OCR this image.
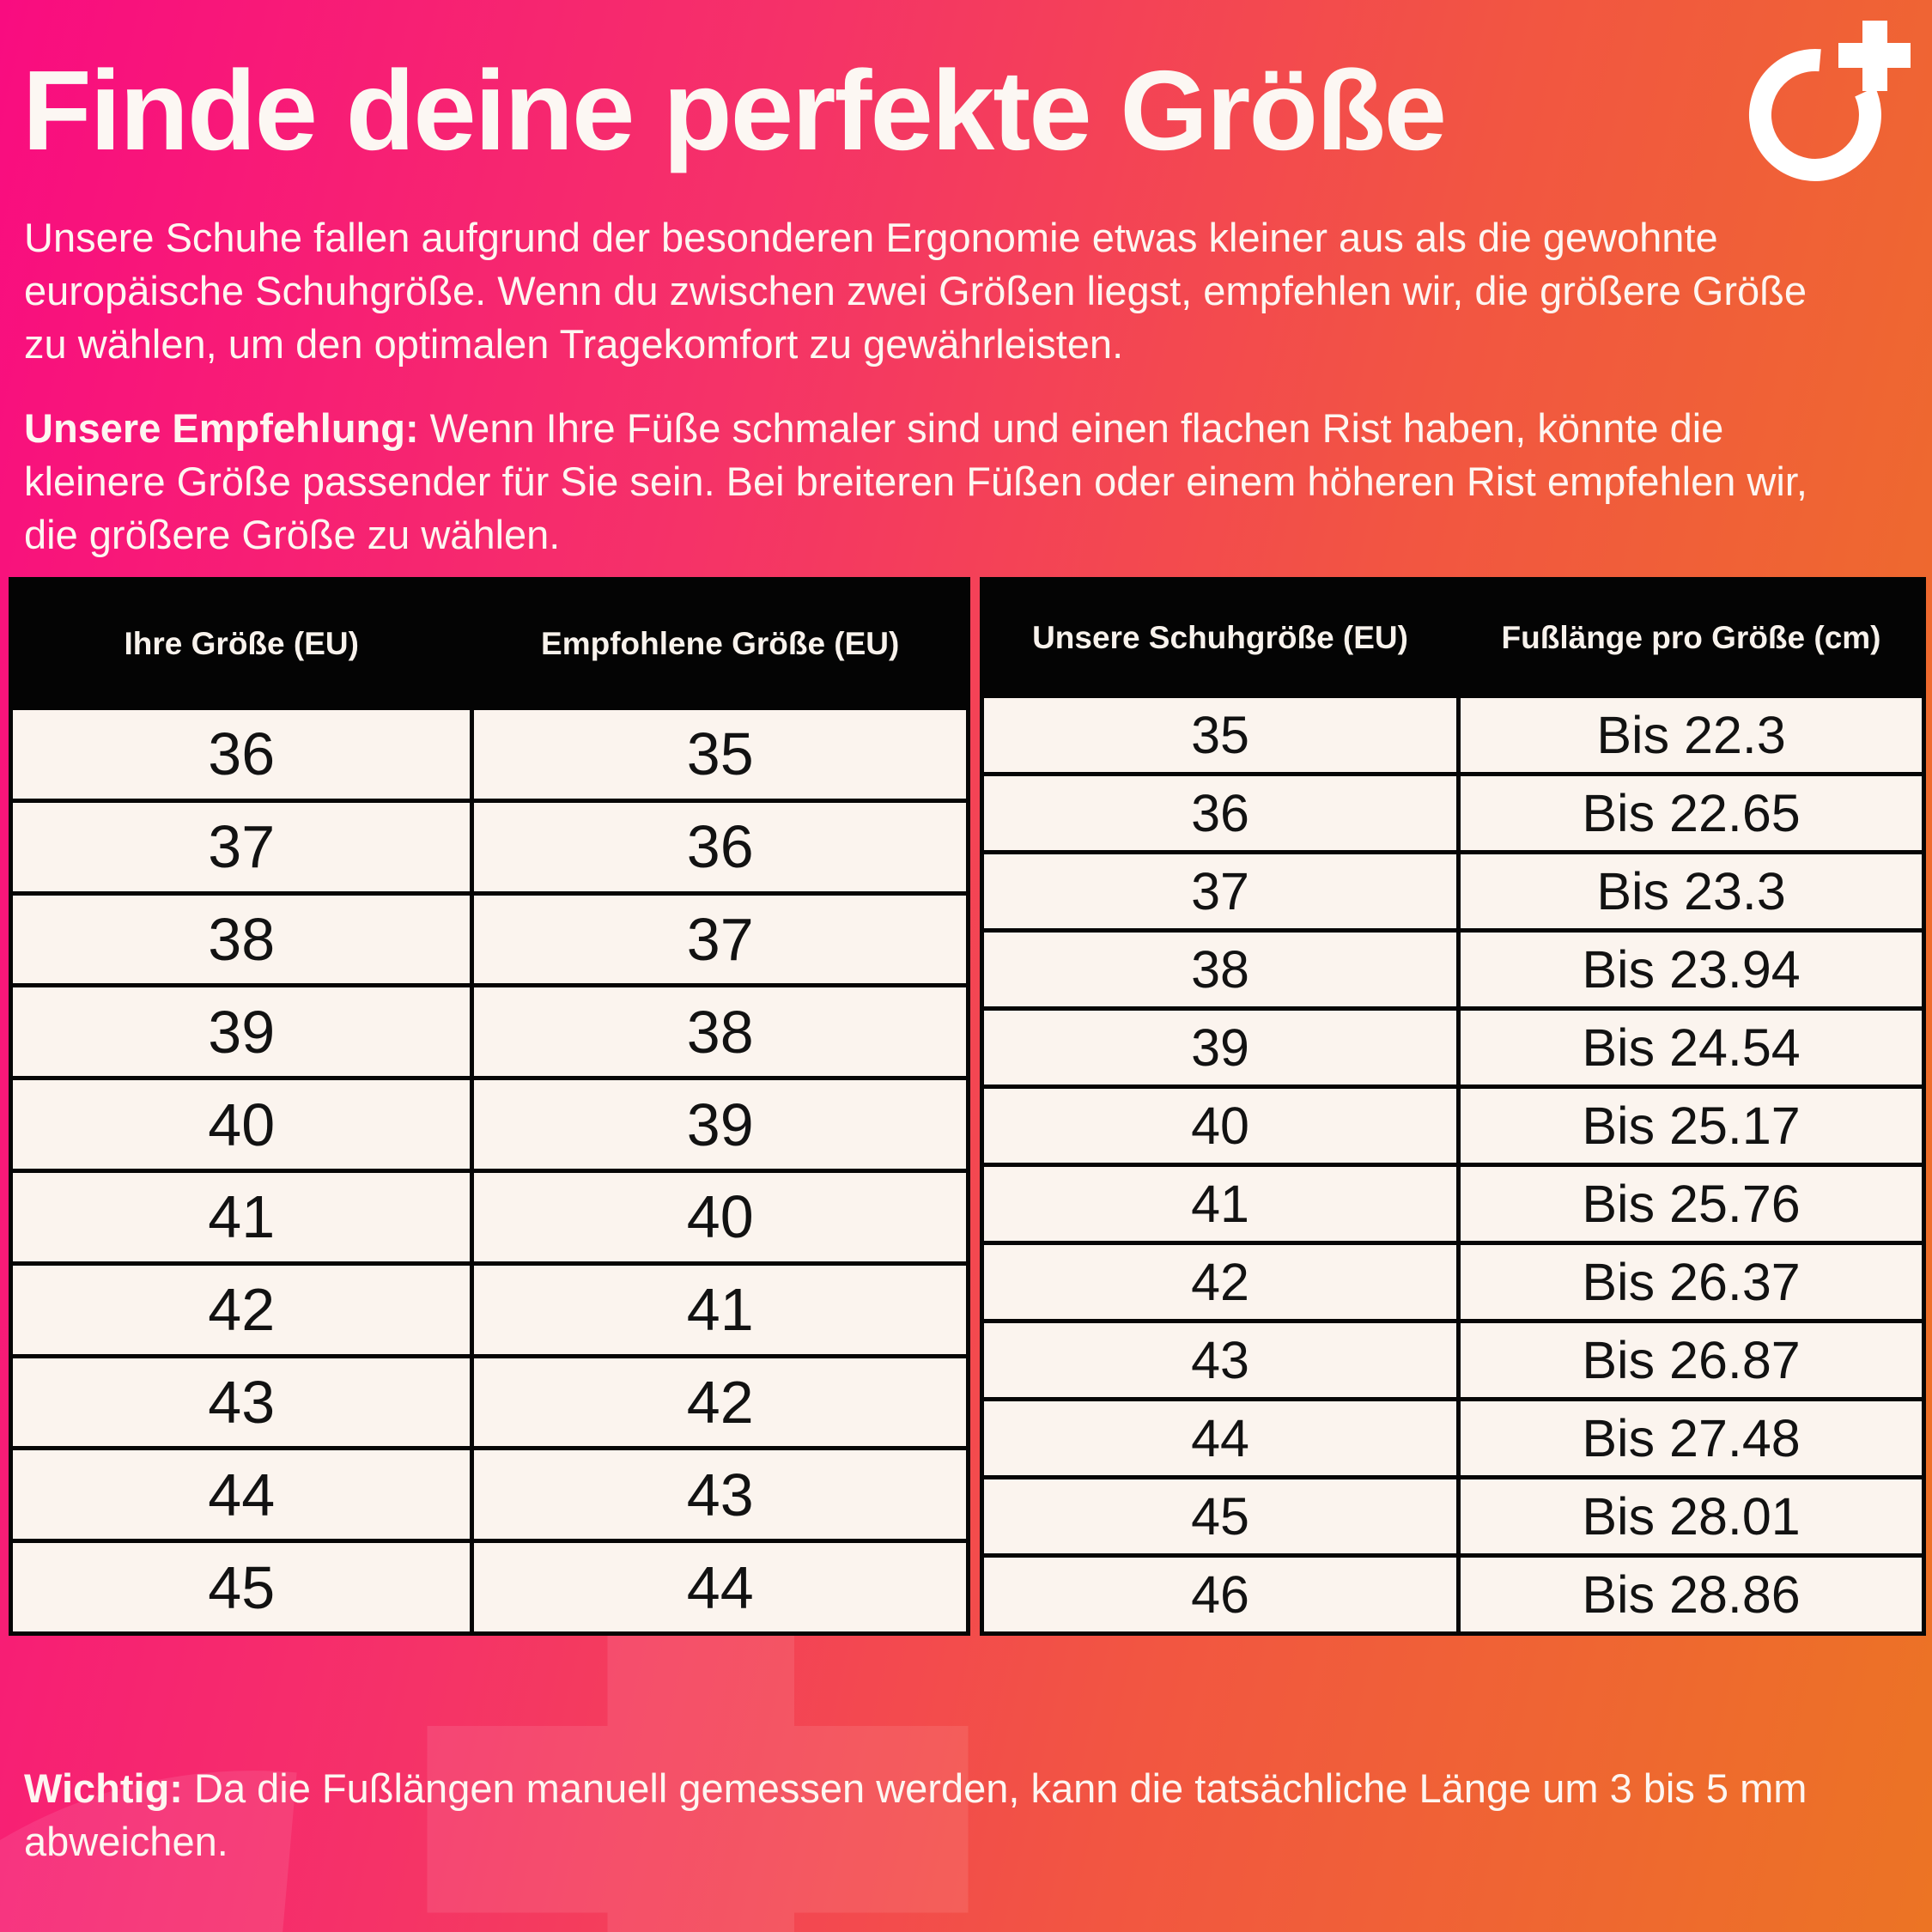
Finde deine perfekte Größe
Unsere Schuhe fallen aufgrund der besonderen Ergonomie etwas kleiner aus als die gewohnte europäische Schuhgröße. Wenn du zwischen zwei Größen liegst, empfehlen wir, die größere Größe zu wählen, um den optimalen Tragekomfort zu gewährleisten.
Unsere Empfehlung: Wenn Ihre Füße schmaler sind und einen flachen Rist haben, könnte die kleinere Größe passender für Sie sein. Bei breiteren Füßen oder einem höheren Rist empfehlen wir, die größere Größe zu wählen.
Ihre Größe (EU)	Empfohlene Größe (EU)
36	35
37	36
38	37
39	38
40	39
41	40
42	41
43	42
44	43
45	44
Unsere Schuhgröße (EU)	Fußlänge pro Größe (cm)
35	Bis 22.3
36	Bis 22.65
37	Bis 23.3
38	Bis 23.94
39	Bis 24.54
40	Bis 25.17
41	Bis 25.76
42	Bis 26.37
43	Bis 26.87
44	Bis 27.48
45	Bis 28.01
46	Bis 28.86
Wichtig: Da die Fußlängen manuell gemessen werden, kann die tatsächliche Länge um 3 bis 5 mm abweichen.
